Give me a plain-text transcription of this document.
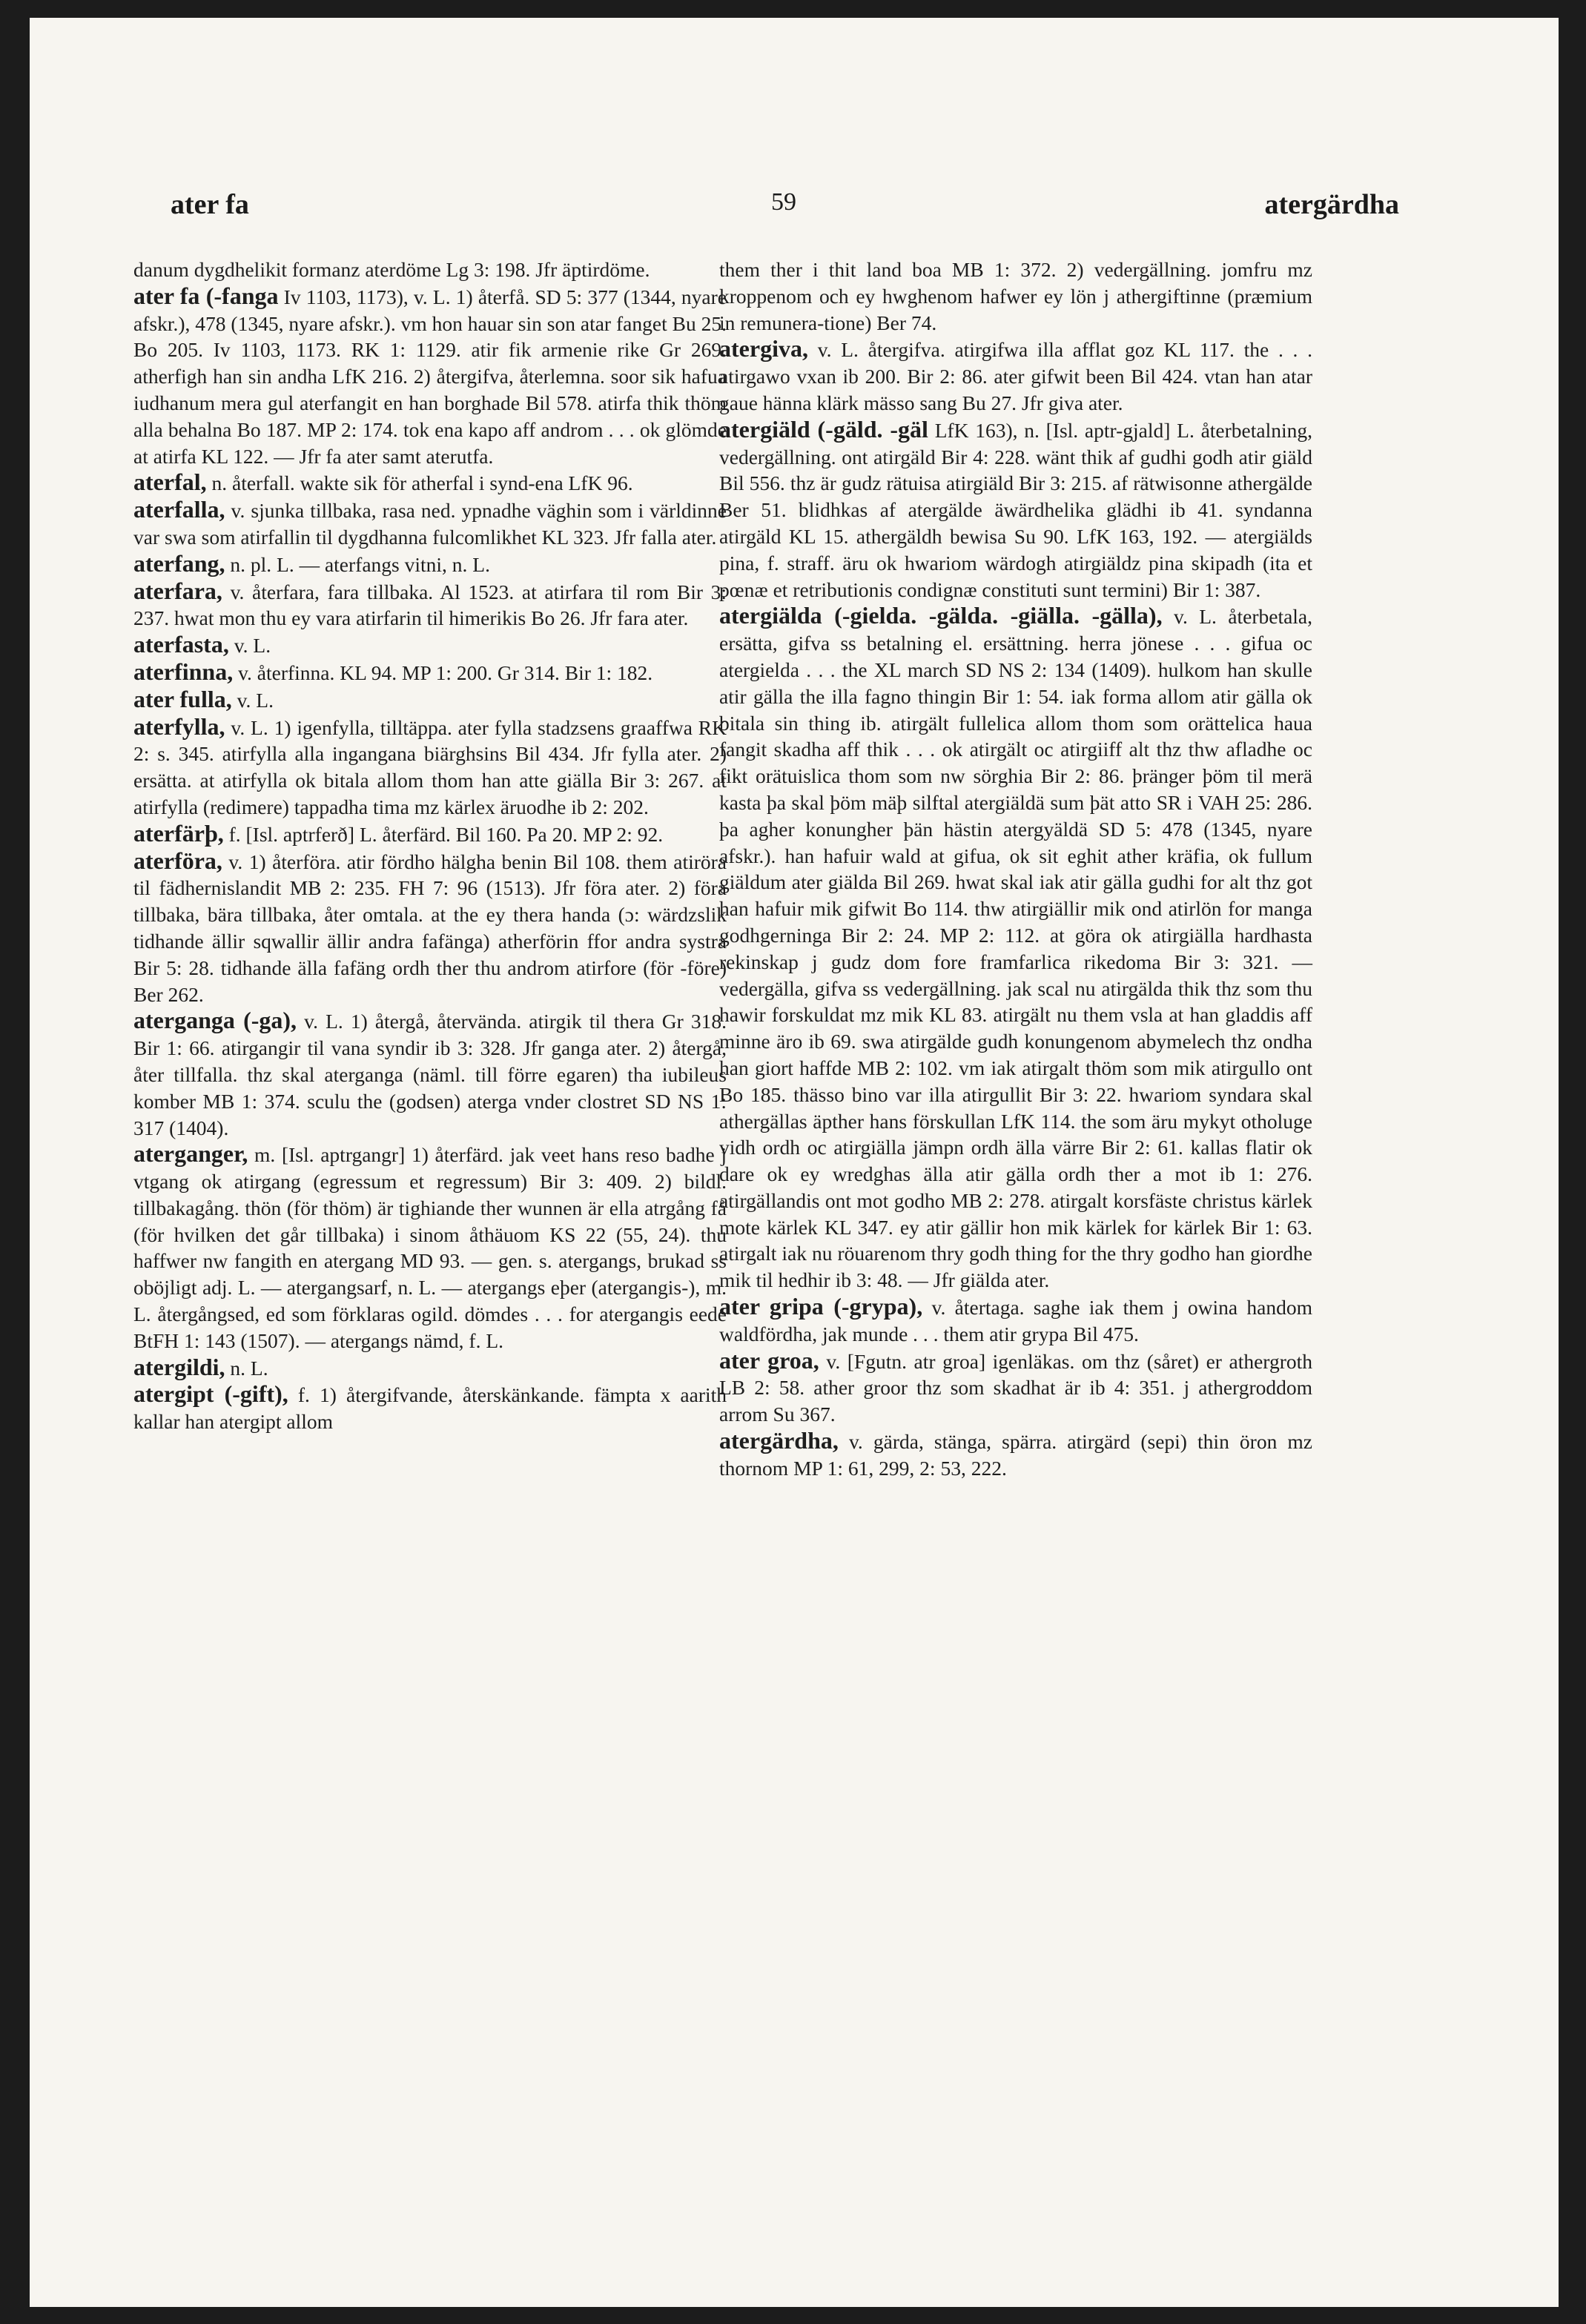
ater fa	59	atergärdha

danum dygdhelikit formanz aterdöme Lg 3: 198. Jfr äptirdöme.

ater fa (-fanga Iv 1103, 1173), v. L. 1) återfå. SD 5: 377 (1344, nyare afskr.), 478 (1345, nyare afskr.). vm hon hauar sin son atar fanget Bu 25. Bo 205. Iv 1103, 1173. RK 1: 1129. atir fik armenie rike Gr 269. atherfigh han sin andha LfK 216. 2) återgifva, återlemna. soor sik hafua iudhanum mera gul aterfangit en han borghade Bil 578. atirfa thik thöm alla behalna Bo 187. MP 2: 174. tok ena kapo aff androm . . . ok glömde at atirfa KL 122. — Jfr fa ater samt aterutfa.

aterfal, n. återfall. wakte sik för atherfal i synd-ena LfK 96.

aterfalla, v. sjunka tillbaka, rasa ned. ypnadhe väghin som i världinne var swa som atirfallin til dygdhanna fulcomlikhet KL 323. Jfr falla ater.

aterfang, n. pl. L. — aterfangs vitni, n. L.

aterfara, v. återfara, fara tillbaka. Al 1523. at atirfara til rom Bir 3: 237. hwat mon thu ey vara atirfarin til himerikis Bo 26. Jfr fara ater.

aterfasta, v. L.

aterfinna, v. återfinna. KL 94. MP 1: 200. Gr 314. Bir 1: 182.

ater fulla, v. L.

aterfylla, v. L. 1) igenfylla, tilltäppa. ater fylla stadzsens graaffwa RK 2: s. 345. atirfylla alla ingangana biärghsins Bil 434. Jfr fylla ater. 2) ersätta. at atirfylla ok bitala allom thom han atte giälla Bir 3: 267. at atirfylla (redimere) tappadha tima mz kärlex äruodhe ib 2: 202.

aterfärþ, f. [Isl. aptrferð] L. återfärd. Bil 160. Pa 20. MP 2: 92.

aterföra, v. 1) återföra. atir fördho hälgha benin Bil 108. them atiröra til fädhernislandit MB 2: 235. FH 7: 96 (1513). Jfr föra ater. 2) föra tillbaka, bära tillbaka, åter omtala. at the ey thera handa (ɔ: wärdzslik tidhande ällir sqwallir ällir andra fafänga) atherförin ffor andra systra Bir 5: 28. tidhande älla fafäng ordh ther thu androm atirfore (för -före) Ber 262.

aterganga (-ga), v. L. 1) återgå, återvända. atirgik til thera Gr 318. Bir 1: 66. atirgangir til vana syndir ib 3: 328. Jfr ganga ater. 2) återgå, åter tillfalla. thz skal aterganga (näml. till förre egaren) tha iubileus komber MB 1: 374. sculu the (godsen) aterga vnder clostret SD NS 1: 317 (1404).

aterganger, m. [Isl. aptrgangr] 1) återfärd. jak veet hans reso badhe j vtgang ok atirgang (egressum et regressum) Bir 3: 409. 2) bildl. tillbakagång. thön (för thöm) är tighiande ther wunnen är ella atrgång få (för hvilken det går tillbaka) i sinom åthäuom KS 22 (55, 24). thu haffwer nw fangith en atergang MD 93. — gen. s. atergangs, brukad ss oböjligt adj. L. — atergangsarf, n. L. — atergangs eþer (atergangis-), m. L. återgångsed, ed som förklaras ogild. dömdes . . . for atergangis eede BtFH 1: 143 (1507). — atergangs nämd, f. L.

atergildi, n. L.

atergipt (-gift), f. 1) återgifvande, återskänkande. fämpta x aarith kallar han atergipt allom

them ther i thit land boa MB 1: 372. 2) vedergällning. jomfru mz kroppenom och ey hwghenom hafwer ey lön j athergiftinne (præmium in remunera-tione) Ber 74.

atergiva, v. L. återgifva. atirgifwa illa afflat goz KL 117. the . . . atirgawo vxan ib 200. Bir 2: 86. ater gifwit been Bil 424. vtan han atar gaue hänna klärk mässo sang Bu 27. Jfr giva ater.

atergiäld (-gäld. -gäl LfK 163), n. [Isl. aptr-gjald] L. återbetalning, vedergällning. ont atirgäld Bir 4: 228. wänt thik af gudhi godh atir giäld Bil 556. thz är gudz rätuisa atirgiäld Bir 3: 215. af rätwisonne athergälde Ber 51. blidhkas af atergälde äwärdhelika glädhi ib 41. syndanna atirgäld KL 15. athergäldh bewisa Su 90. LfK 163, 192. — atergiälds pina, f. straff. äru ok hwariom wärdogh atirgiäldz pina skipadh (ita et pœnæ et retributionis condignæ constituti sunt termini) Bir 1: 387.

atergiälda (-gielda. -gälda. -giälla. -gälla), v. L. återbetala, ersätta, gifva ss betalning el. ersättning. herra jönese . . . gifua oc atergielda . . . the XL march SD NS 2: 134 (1409). hulkom han skulle atir gälla the illa fagno thingin Bir 1: 54. iak forma allom atir gälla ok bitala sin thing ib. atirgält fullelica allom thom som orättelica haua fangit skadha aff thik . . . ok atirgält oc atirgiiff alt thz thw afladhe oc fikt orätuislica thom som nw sörghia Bir 2: 86. þränger þöm til merä kasta þa skal þöm mäþ silftal atergiäldä sum þät atto SR i VAH 25: 286. þa agher konungher þän hästin atergyäldä SD 5: 478 (1345, nyare afskr.). han hafuir wald at gifua, ok sit eghit ather kräfia, ok fullum giäldum ater giälda Bil 269. hwat skal iak atir gälla gudhi for alt thz got han hafuir mik gifwit Bo 114. thw atirgiällir mik ond atirlön for manga godhgerninga Bir 2: 24. MP 2: 112. at göra ok atirgiälla hardhasta rekinskap j gudz dom fore framfarlica rikedoma Bir 3: 321. — vedergälla, gifva ss vedergällning. jak scal nu atirgälda thik thz som thu hawir forskuldat mz mik KL 83. atirgält nu them vsla at han gladdis aff minne äro ib 69. swa atirgälde gudh konungenom abymelech thz ondha han giort haffde MB 2: 102. vm iak atirgalt thöm som mik atirgullo ont Bo 185. thässo bino var illa atirgullit Bir 3: 22. hwariom syndara skal athergällas äpther hans förskullan LfK 114. the som äru mykyt otholuge vidh ordh oc atirgiälla jämpn ordh älla värre Bir 2: 61. kallas flatir ok dare ok ey wredghas älla atir gälla ordh ther a mot ib 1: 276. atirgällandis ont mot godho MB 2: 278. atirgalt korsfäste christus kärlek mote kärlek KL 347. ey atir gällir hon mik kärlek for kärlek Bir 1: 63. atirgalt iak nu röuarenom thry godh thing for the thry godho han giordhe mik til hedhir ib 3: 48. — Jfr giälda ater.

ater gripa (-grypa), v. återtaga. saghe iak them j owina handom waldfördha, jak munde . . . them atir grypa Bil 475.

ater groa, v. [Fgutn. atr groa] igenläkas. om thz (såret) er athergroth LB 2: 58. ather groor thz som skadhat är ib 4: 351. j athergroddom arrom Su 367.

atergärdha, v. gärda, stänga, spärra. atirgärd (sepi) thin öron mz thornom MP 1: 61, 299, 2: 53, 222.
